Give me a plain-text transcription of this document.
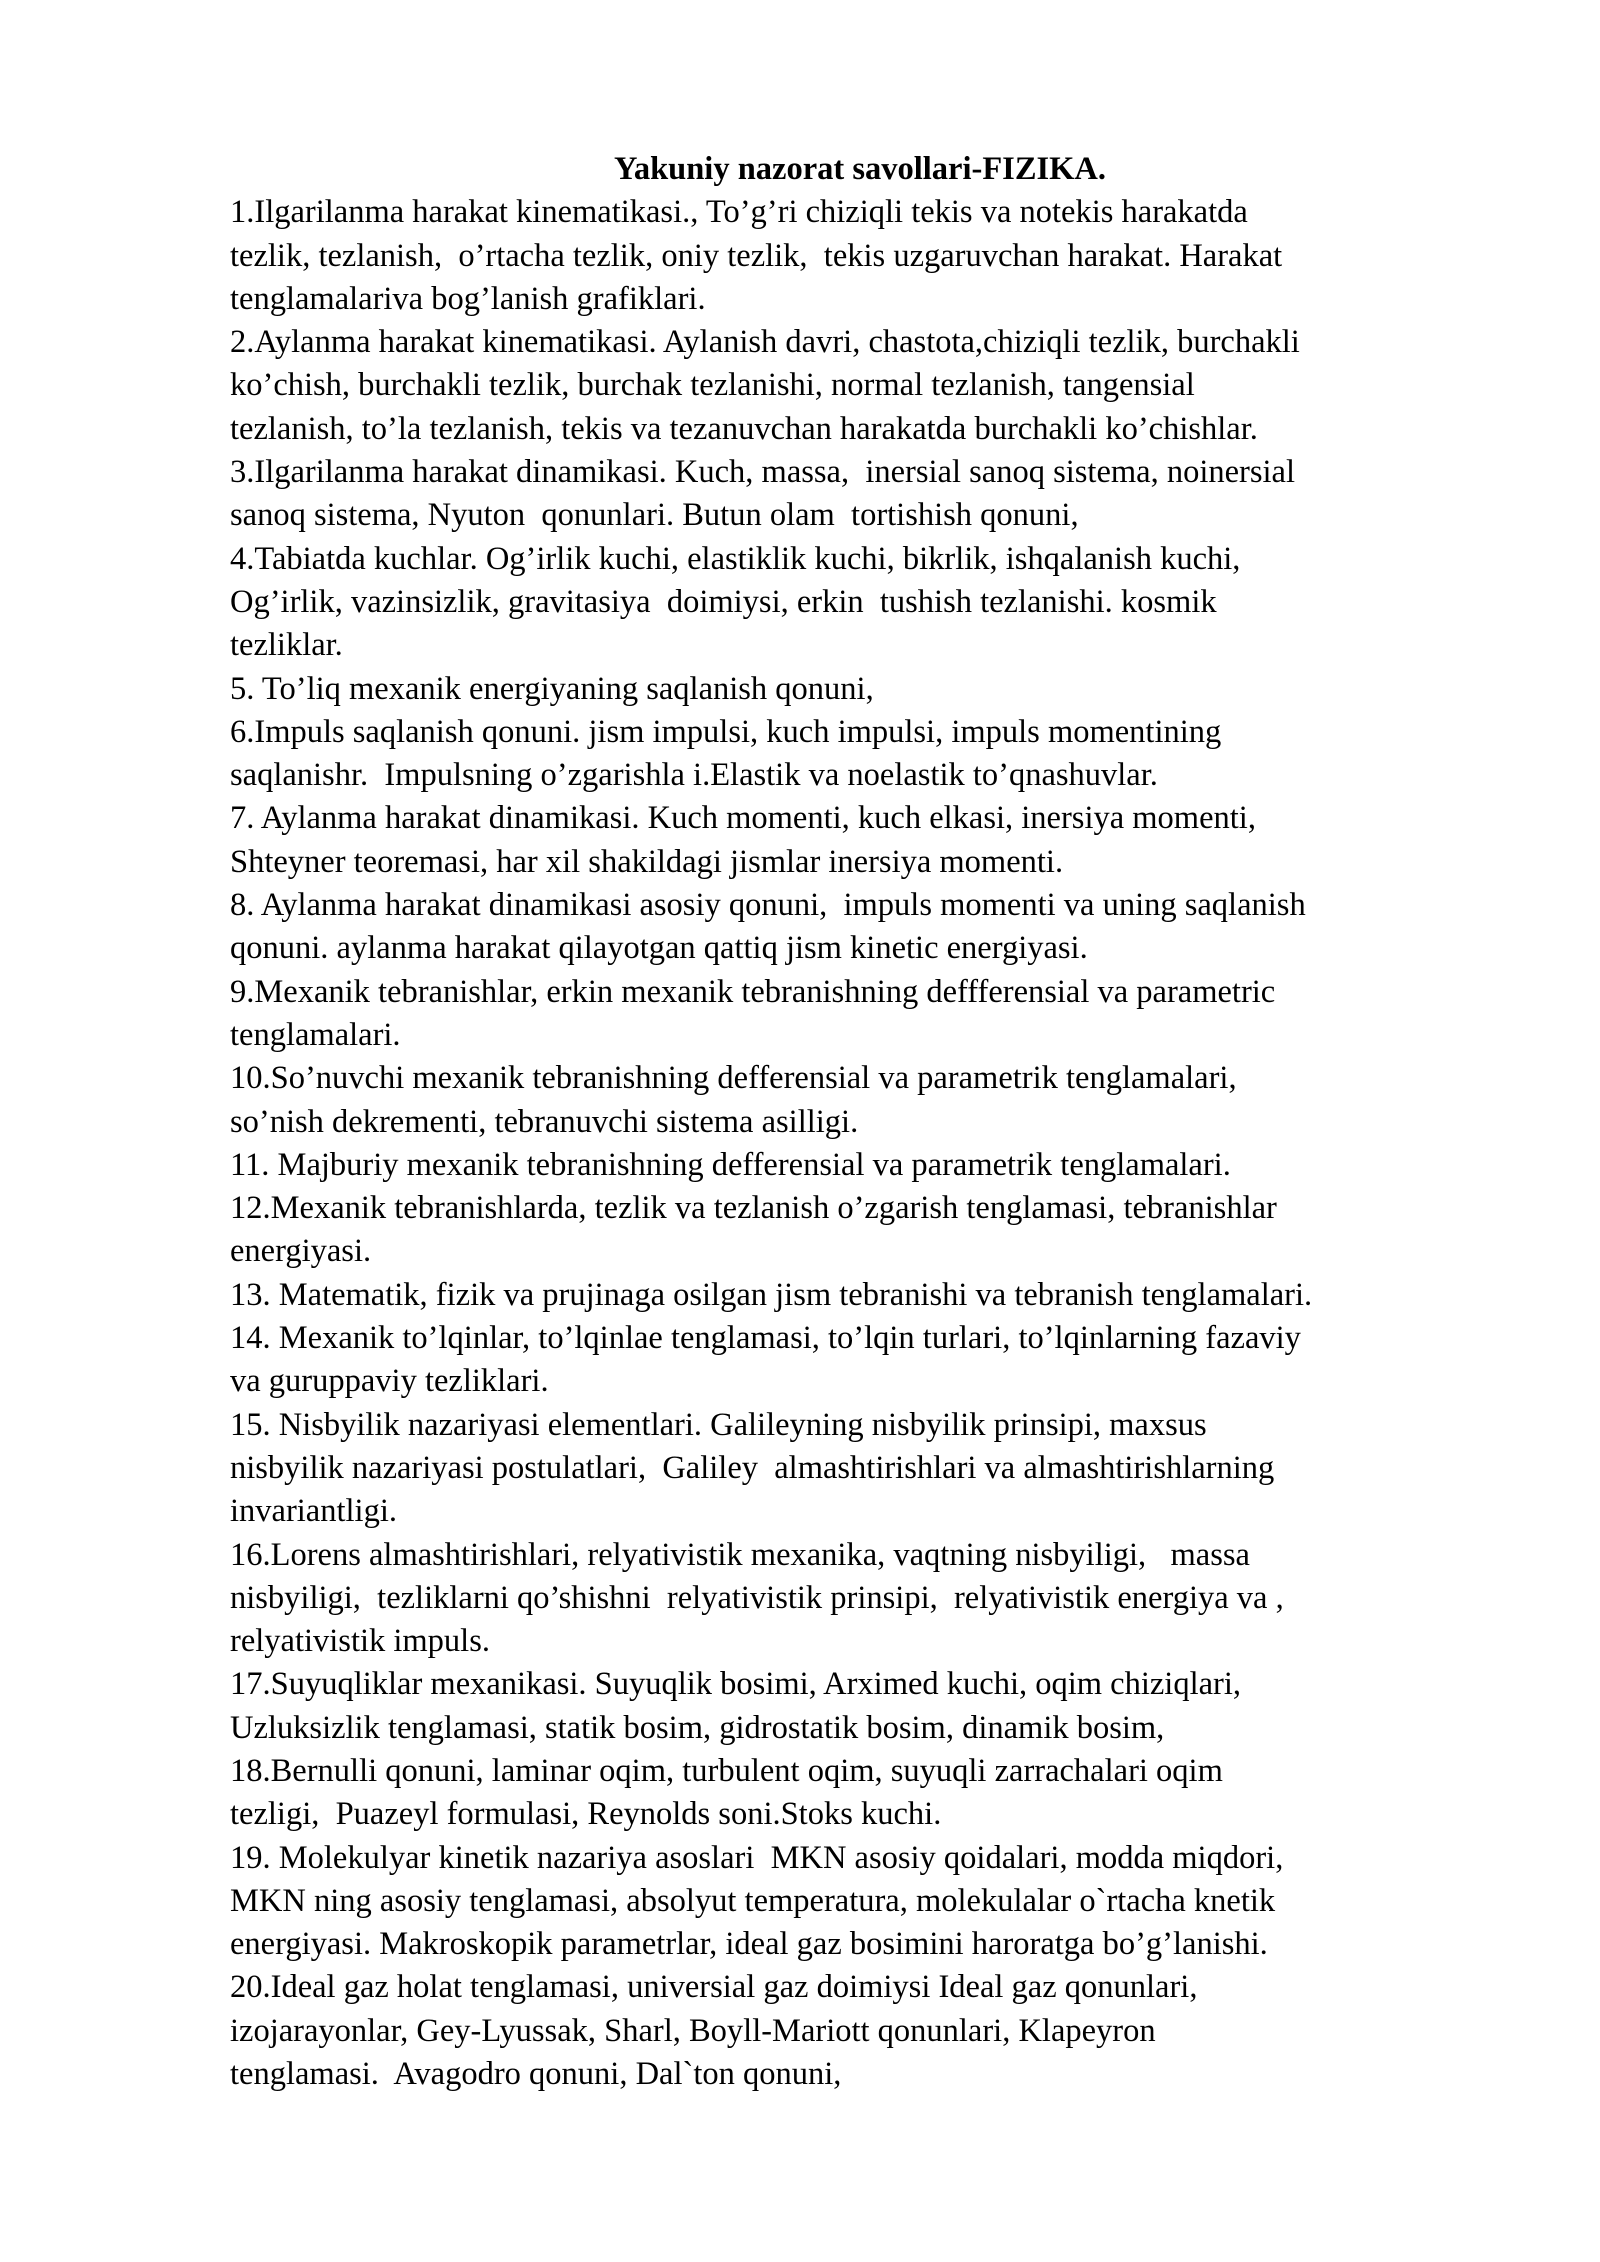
Yakuniy nazorat savollari-FIZIKA.
1.Ilgarilanma harakat kinematikasi., To’g’ri chiziqli tekis va notekis harakatda
tezlik, tezlanish,  o’rtacha tezlik, oniy tezlik,  tekis uzgaruvchan harakat. Harakat
tenglamalariva bog’lanish grafiklari.
2.Aylanma harakat kinematikasi. Aylanish davri, chastota,chiziqli tezlik, burchakli
ko’chish, burchakli tezlik, burchak tezlanishi, normal tezlanish, tangensial
tezlanish, to’la tezlanish, tekis va tezanuvchan harakatda burchakli ko’chishlar.
3.Ilgarilanma harakat dinamikasi. Kuch, massa,  inersial sanoq sistema, noinersial
sanoq sistema, Nyuton  qonunlari. Butun olam  tortishish qonuni,
4.Tabiatda kuchlar. Og’irlik kuchi, elastiklik kuchi, bikrlik, ishqalanish kuchi,
Og’irlik, vazinsizlik, gravitasiya  doimiysi, erkin  tushish tezlanishi. kosmik
tezliklar.
5. To’liq mexanik energiyaning saqlanish qonuni,
6.Impuls saqlanish qonuni. jism impulsi, kuch impulsi, impuls momentining
saqlanishr.  Impulsning o’zgarishla i.Elastik va noelastik to’qnashuvlar.
7. Aylanma harakat dinamikasi. Kuch momenti, kuch elkasi, inersiya momenti,
Shteyner teoremasi, har xil shakildagi jismlar inersiya momenti.
8. Aylanma harakat dinamikasi asosiy qonuni,  impuls momenti va uning saqlanish
qonuni. aylanma harakat qilayotgan qattiq jism kinetic energiyasi.
9.Mexanik tebranishlar, erkin mexanik tebranishning deffferensial va parametric
tenglamalari.
10.So’nuvchi mexanik tebranishning defferensial va parametrik tenglamalari,
so’nish dekrementi, tebranuvchi sistema asilligi.
11. Majburiy mexanik tebranishning defferensial va parametrik tenglamalari.
12.Mexanik tebranishlarda, tezlik va tezlanish o’zgarish tenglamasi, tebranishlar
energiyasi.
13. Matematik, fizik va prujinaga osilgan jism tebranishi va tebranish tenglamalari.
14. Mexanik to’lqinlar, to’lqinlae tenglamasi, to’lqin turlari, to’lqinlarning fazaviy
va guruppaviy tezliklari.
15. Nisbyilik nazariyasi elementlari. Galileyning nisbyilik prinsipi, maxsus
nisbyilik nazariyasi postulatlari,  Galiley  almashtirishlari va almashtirishlarning
invariantligi.
16.Lorens almashtirishlari, relyativistik mexanika, vaqtning nisbyiligi,   massa
nisbyiligi,  tezliklarni qo’shishni  relyativistik prinsipi,  relyativistik energiya va ,
relyativistik impuls.
17.Suyuqliklar mexanikasi. Suyuqlik bosimi, Arximed kuchi, oqim chiziqlari,
Uzluksizlik tenglamasi, statik bosim, gidrostatik bosim, dinamik bosim,
18.Bernulli qonuni, laminar oqim, turbulent oqim, suyuqli zarrachalari oqim
tezligi,  Puazeyl formulasi, Reynolds soni.Stoks kuchi.
19. Molekulyar kinetik nazariya asoslari  MKN asosiy qoidalari, modda miqdori,
MKN ning asosiy tenglamasi, absolyut temperatura, molekulalar o`rtacha knetik
energiyasi. Makroskopik parametrlar, ideal gaz bosimini haroratga bo’g’lanishi.
20.Ideal gaz holat tenglamasi, universial gaz doimiysi Ideal gaz qonunlari,
izojarayonlar, Gey-Lyussak, Sharl, Boyll-Mariott qonunlari, Klapeyron
tenglamasi.  Avagodro qonuni, Dal`ton qonuni,
